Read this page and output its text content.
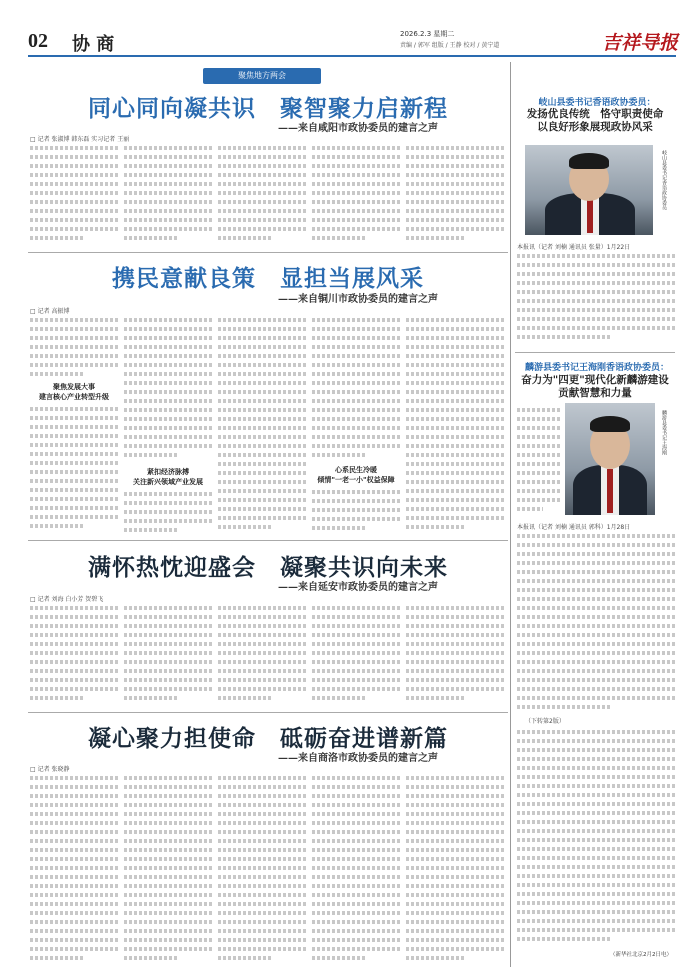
02 协 商	2026.2.3 星期二
责编 / 郭军 组版 / 王静 校对 / 黄宁道	吉祥导报
聚焦地方两会
同心同向凝共识　聚智聚力启新程
——来自咸阳市政协委员的建言之声
□ 记者 张淑博 韩东磊 实习记者 王丽
携民意献良策　显担当展风采
——来自铜川市政协委员的建言之声
□ 记者 高振博
聚焦发展大事
建言核心产业转型升级
紧扣经济脉搏
关注新兴领域产业发展
心系民生冷暖
倾情"一老一小"权益保障
满怀热忱迎盛会　凝聚共识向未来
——来自延安市政协委员的建言之声
□ 记者 刘海 白小芳 贺碧飞
凝心聚力担使命　砥砺奋进谱新篇
——来自商洛市政协委员的建言之声
□ 记者 张晓静
岐山县委书记香语政协委员：
发扬优良传统　恪守职责使命
以良好形象展现政协风采
岐山县委书记香语政协委员
本报讯（记者 刘楠 通讯员 张量）1月22日
麟游县委书记王海刚香语政协委员：
奋力为"四更"现代化新麟游建设
贡献智慧和力量
麟游县委书记王海刚
本报讯（记者 刘楠 通讯员 郭科）1月28日
（下转第2版）
（新华社北京2月2日电）
